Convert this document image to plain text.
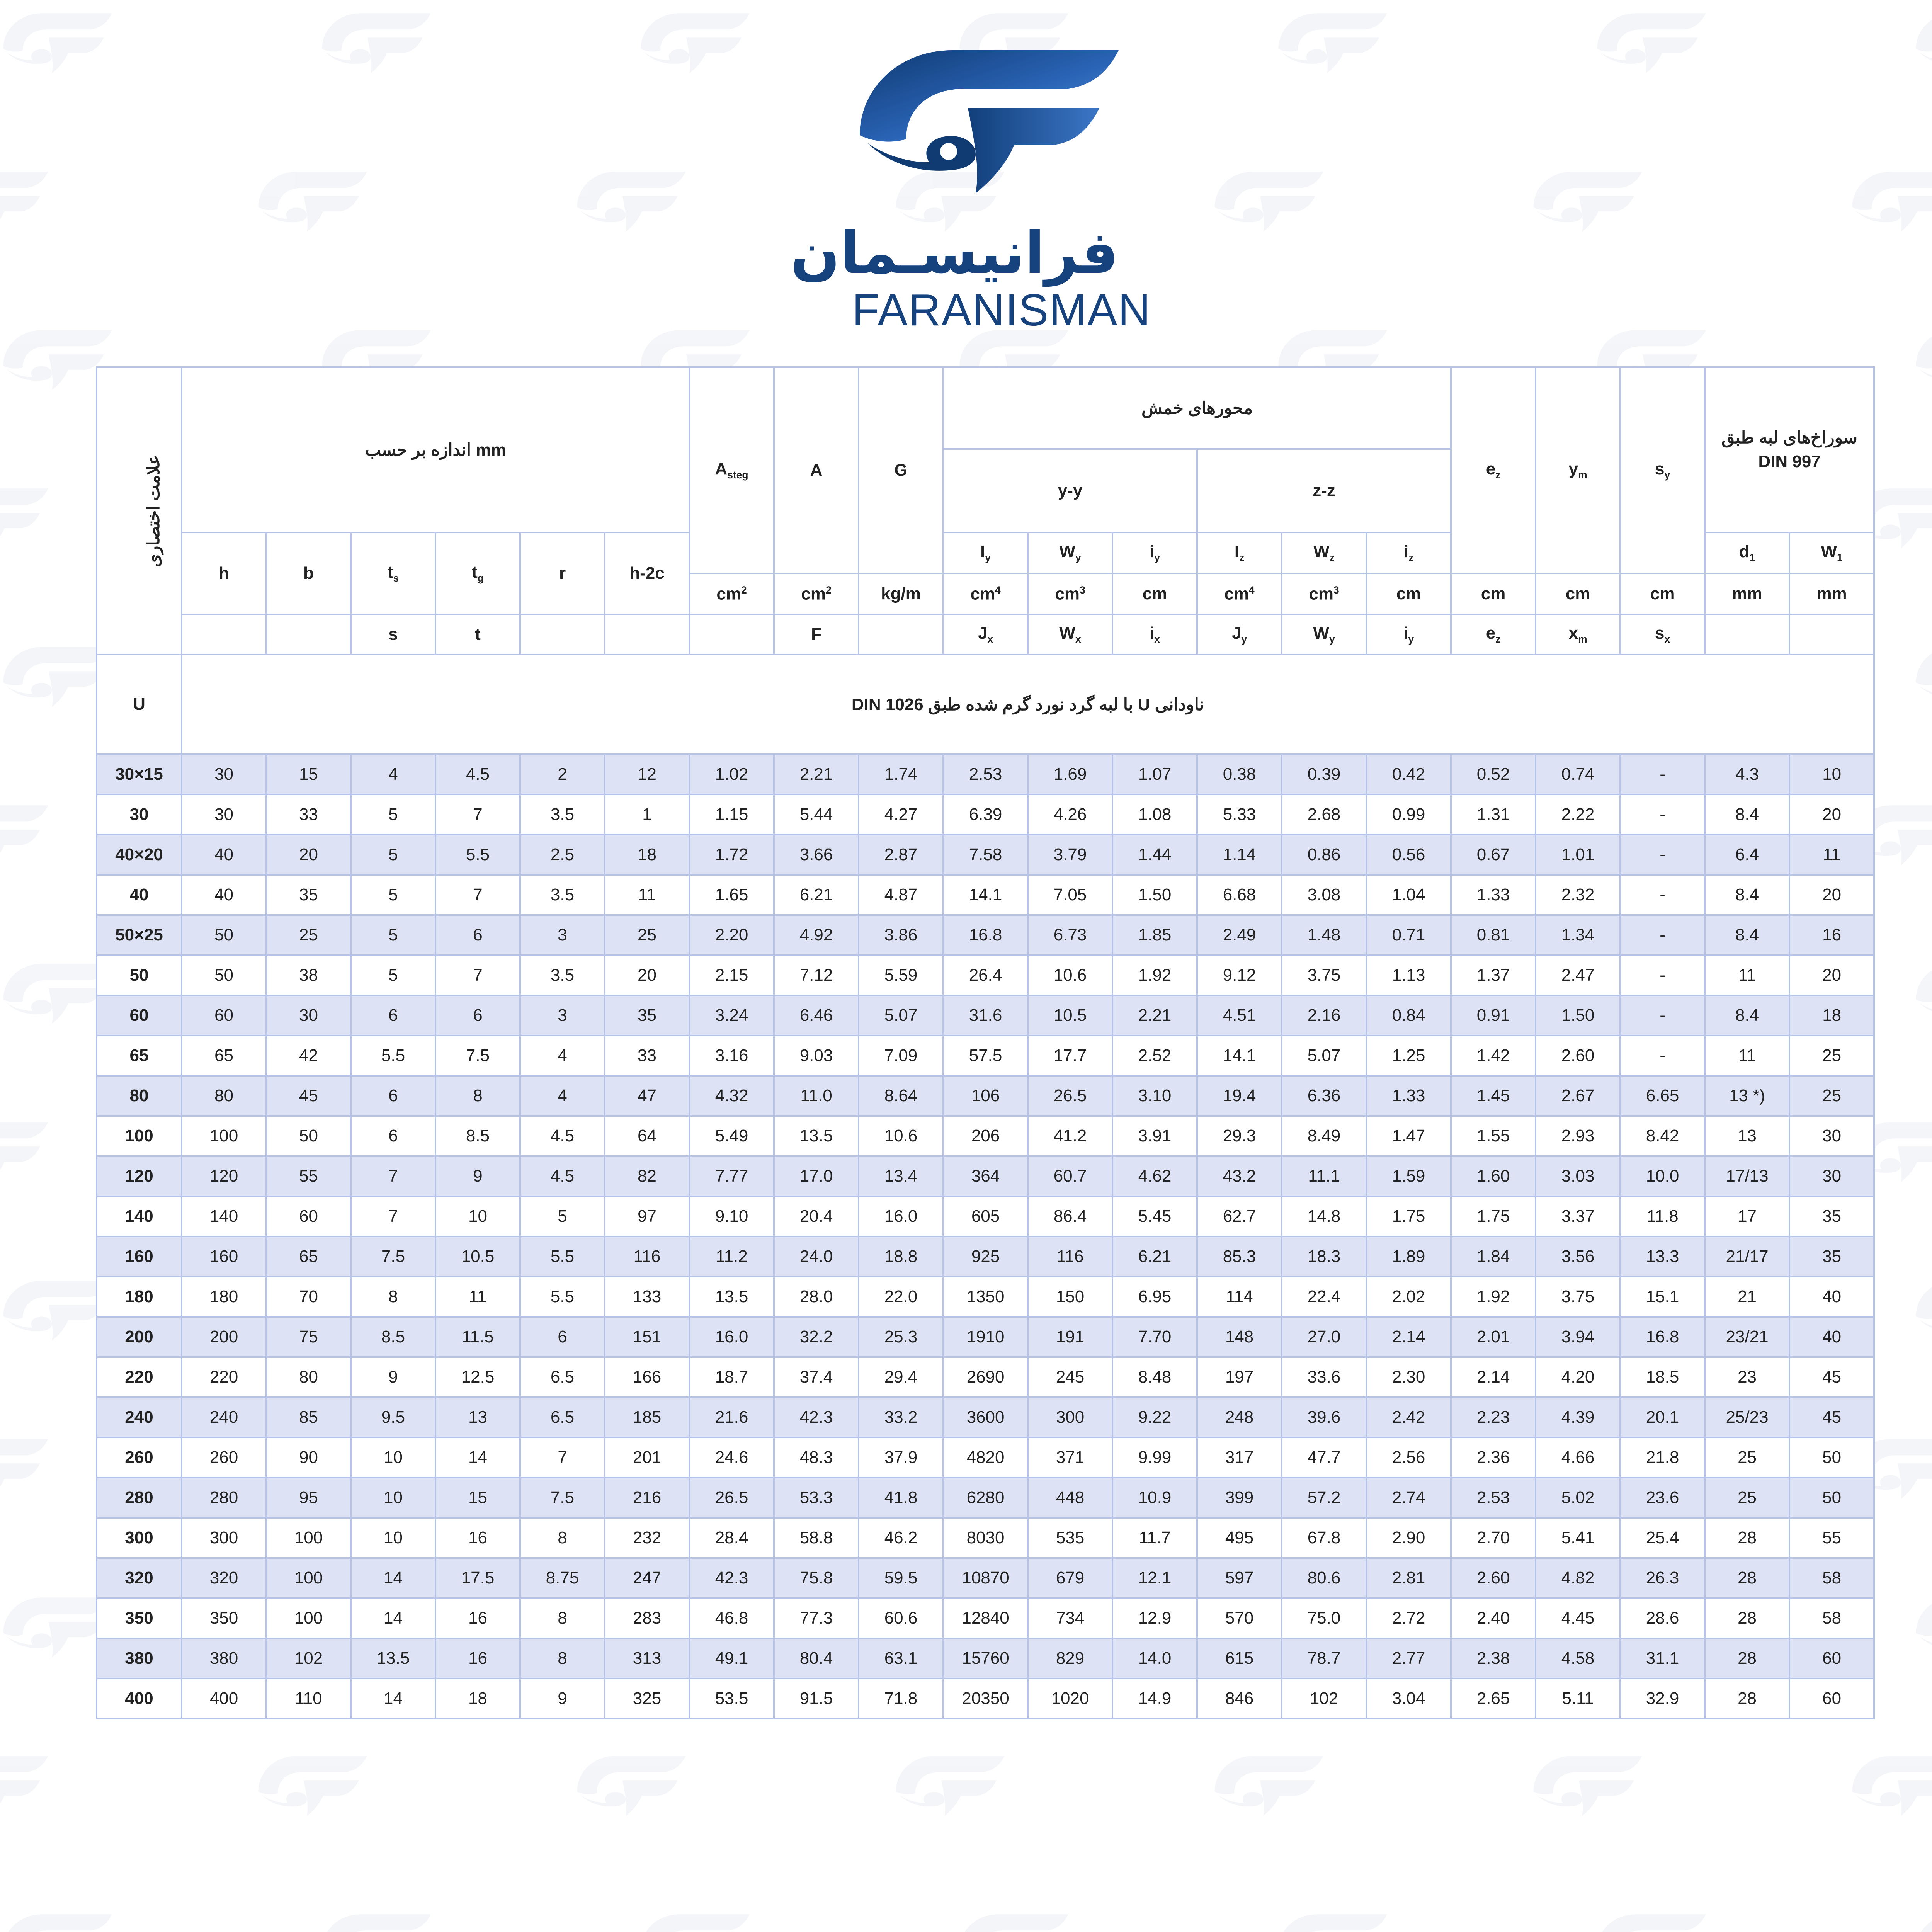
فرانیسـمان
FARANISMAN
علامت اختصاری	اندازه بر حسب mm						$A_{steg}$	A	G	محورهای خمش						$e_z$	$y_m$	$s_y$	سوراخ‌های لبه طبق DIN 997	
										y-y			z-z							
	h	b	$t_s$	$t_g$	r	h-2c				$I_y$	$W_y$	$i_y$	$I_z$	$W_z$	$i_z$				$d_1$	$W_1$
							$cm^2$	$cm^2$	kg/m	$cm^4$	$cm^3$	cm	$cm^4$	$cm^3$	cm	cm	cm	cm	mm	mm
			s	t				F		$J_x$	$W_x$	$i_x$	$J_y$	$W_y$	$i_y$	$e_z$	$x_m$	$s_x$		
U	ناودانی U با لبه گرد نورد گرم شده طبق DIN 1026																			
30×15	30	15	4	4.5	2	12	1.02	2.21	1.74	2.53	1.69	1.07	0.38	0.39	0.42	0.52	0.74	-	4.3	10
30	30	33	5	7	3.5	1	1.15	5.44	4.27	6.39	4.26	1.08	5.33	2.68	0.99	1.31	2.22	-	8.4	20
40×20	40	20	5	5.5	2.5	18	1.72	3.66	2.87	7.58	3.79	1.44	1.14	0.86	0.56	0.67	1.01	-	6.4	11
40	40	35	5	7	3.5	11	1.65	6.21	4.87	14.1	7.05	1.50	6.68	3.08	1.04	1.33	2.32	-	8.4	20
50×25	50	25	5	6	3	25	2.20	4.92	3.86	16.8	6.73	1.85	2.49	1.48	0.71	0.81	1.34	-	8.4	16
50	50	38	5	7	3.5	20	2.15	7.12	5.59	26.4	10.6	1.92	9.12	3.75	1.13	1.37	2.47	-	11	20
60	60	30	6	6	3	35	3.24	6.46	5.07	31.6	10.5	2.21	4.51	2.16	0.84	0.91	1.50	-	8.4	18
65	65	42	5.5	7.5	4	33	3.16	9.03	7.09	57.5	17.7	2.52	14.1	5.07	1.25	1.42	2.60	-	11	25
80	80	45	6	8	4	47	4.32	11.0	8.64	106	26.5	3.10	19.4	6.36	1.33	1.45	2.67	6.65	13 *)	25
100	100	50	6	8.5	4.5	64	5.49	13.5	10.6	206	41.2	3.91	29.3	8.49	1.47	1.55	2.93	8.42	13	30
120	120	55	7	9	4.5	82	7.77	17.0	13.4	364	60.7	4.62	43.2	11.1	1.59	1.60	3.03	10.0	17/13	30
140	140	60	7	10	5	97	9.10	20.4	16.0	605	86.4	5.45	62.7	14.8	1.75	1.75	3.37	11.8	17	35
160	160	65	7.5	10.5	5.5	116	11.2	24.0	18.8	925	116	6.21	85.3	18.3	1.89	1.84	3.56	13.3	21/17	35
180	180	70	8	11	5.5	133	13.5	28.0	22.0	1350	150	6.95	114	22.4	2.02	1.92	3.75	15.1	21	40
200	200	75	8.5	11.5	6	151	16.0	32.2	25.3	1910	191	7.70	148	27.0	2.14	2.01	3.94	16.8	23/21	40
220	220	80	9	12.5	6.5	166	18.7	37.4	29.4	2690	245	8.48	197	33.6	2.30	2.14	4.20	18.5	23	45
240	240	85	9.5	13	6.5	185	21.6	42.3	33.2	3600	300	9.22	248	39.6	2.42	2.23	4.39	20.1	25/23	45
260	260	90	10	14	7	201	24.6	48.3	37.9	4820	371	9.99	317	47.7	2.56	2.36	4.66	21.8	25	50
280	280	95	10	15	7.5	216	26.5	53.3	41.8	6280	448	10.9	399	57.2	2.74	2.53	5.02	23.6	25	50
300	300	100	10	16	8	232	28.4	58.8	46.2	8030	535	11.7	495	67.8	2.90	2.70	5.41	25.4	28	55
320	320	100	14	17.5	8.75	247	42.3	75.8	59.5	10870	679	12.1	597	80.6	2.81	2.60	4.82	26.3	28	58
350	350	100	14	16	8	283	46.8	77.3	60.6	12840	734	12.9	570	75.0	2.72	2.40	4.45	28.6	28	58
380	380	102	13.5	16	8	313	49.1	80.4	63.1	15760	829	14.0	615	78.7	2.77	2.38	4.58	31.1	28	60
400	400	110	14	18	9	325	53.5	91.5	71.8	20350	1020	14.9	846	102	3.04	2.65	5.11	32.9	28	60
